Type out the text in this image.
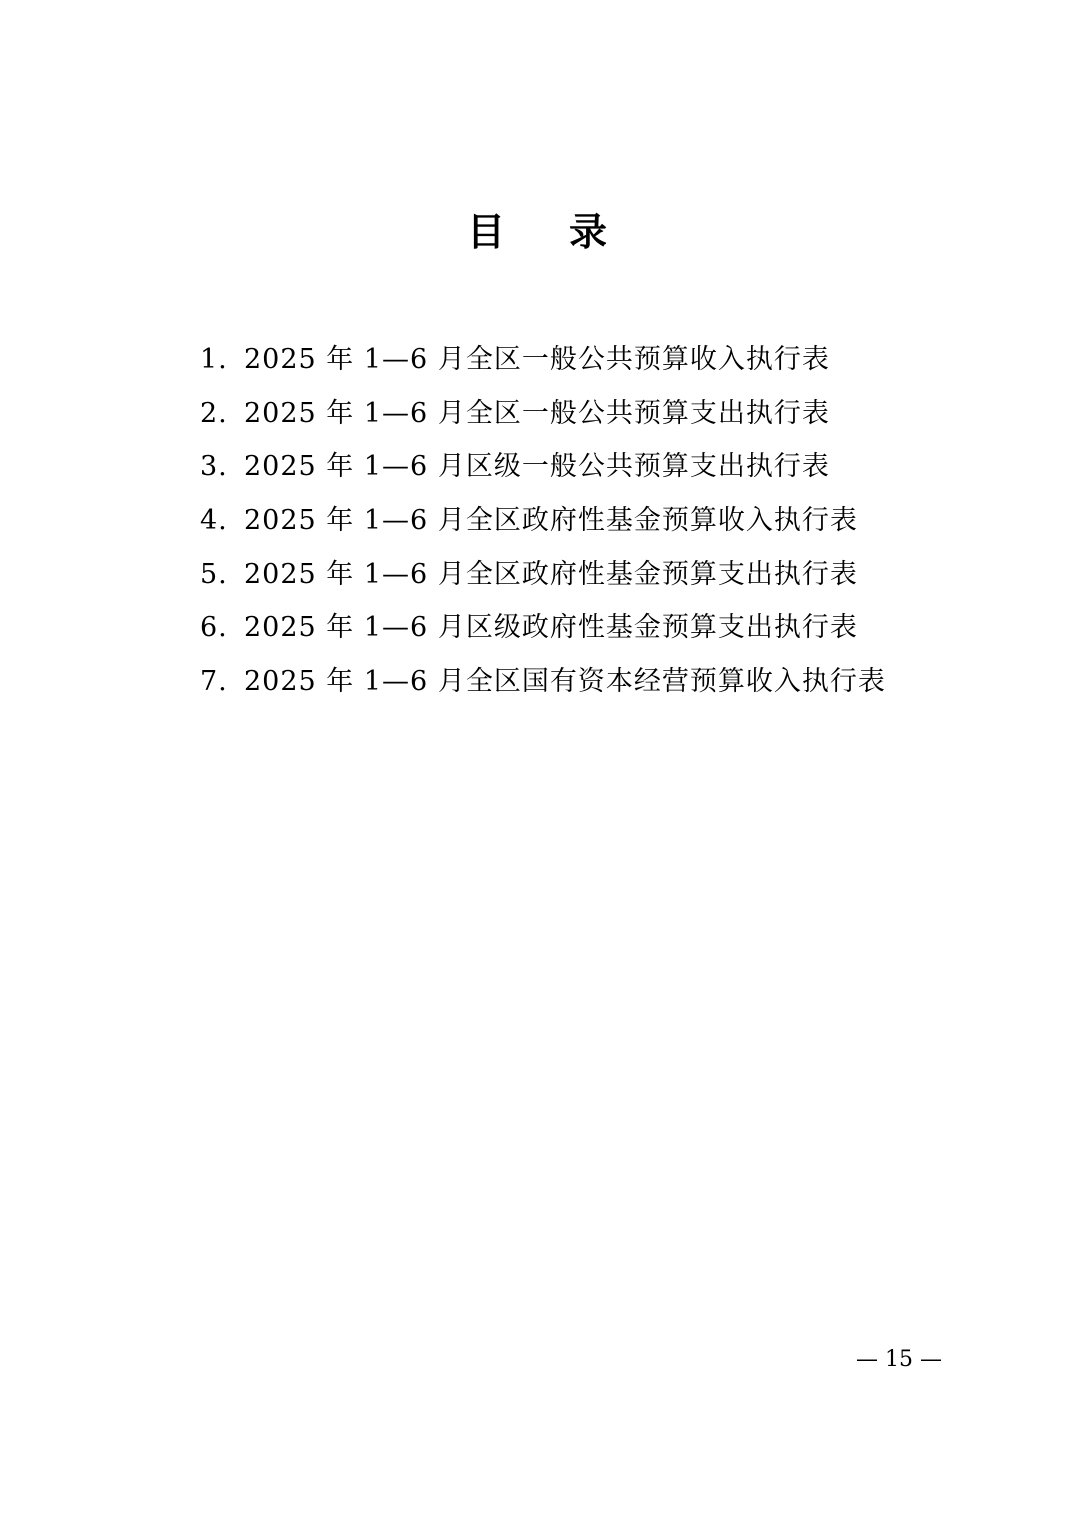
目 录
1. 2025 年 1—6 月全区一般公共预算收入执行表
2. 2025 年 1—6 月全区一般公共预算支出执行表
3. 2025 年 1—6 月区级一般公共预算支出执行表
4. 2025 年 1—6 月全区政府性基金预算收入执行表
5. 2025 年 1—6 月全区政府性基金预算支出执行表
6. 2025 年 1—6 月区级政府性基金预算支出执行表
7. 2025 年 1—6 月全区国有资本经营预算收入执行表
— 15 —
